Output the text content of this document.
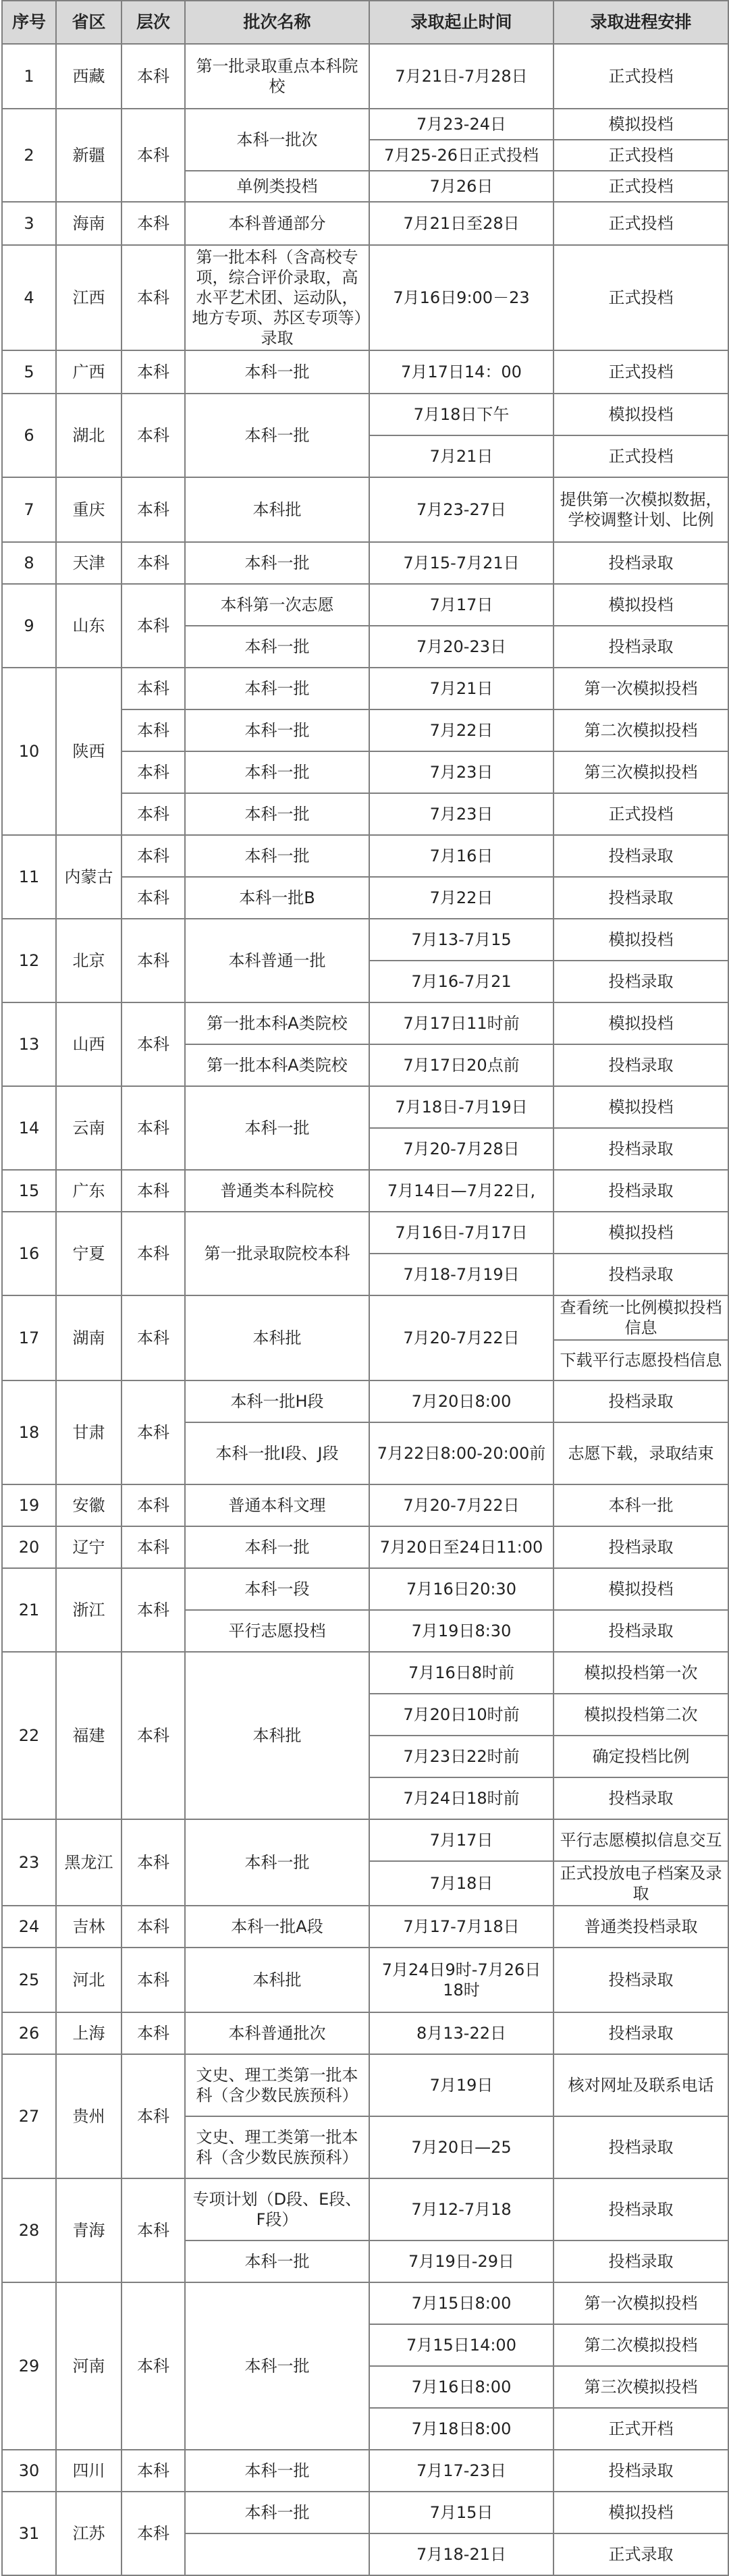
序号	省区	层次	批次名称	录取起止时间	录取进程安排
1	西藏	本科	第一批录取重点本科院校	7月21日-7月28日	正式投档
2	新疆	本科	本科一批次	7月23-24日	模拟投档
				7月25-26日正式投档	正式投档
			单例类投档	7月26日	正式投档
3	海南	本科	本科普通部分	7月21日至28日	正式投档
4	江西	本科	第一批本科（含高校专项，综合评价录取，高水平艺术团、运动队，地方专项、苏区专项等）录取	7月16日9:00－23	正式投档
5	广西	本科	本科一批	7月17日14：00	正式投档
6	湖北	本科	本科一批	7月18日下午	模拟投档
				7月21日	正式投档
7	重庆	本科	本科批	7月23-27日	提供第一次模拟数据，学校调整计划、比例
8	天津	本科	本科一批	7月15-7月21日	投档录取
9	山东	本科	本科第一次志愿	7月17日	模拟投档
			本科一批	7月20-23日	投档录取
10	陕西	本科	本科一批	7月21日	第一次模拟投档
		本科	本科一批	7月22日	第二次模拟投档
		本科	本科一批	7月23日	第三次模拟投档
		本科	本科一批	7月23日	正式投档
11	内蒙古	本科	本科一批	7月16日	投档录取
		本科	本科一批B	7月22日	投档录取
12	北京	本科	本科普通一批	7月13-7月15	模拟投档
				7月16-7月21	投档录取
13	山西	本科	第一批本科A类院校	7月17日11时前	模拟投档
			第一批本科A类院校	7月17日20点前	投档录取
14	云南	本科	本科一批	7月18日-7月19日	模拟投档
				7月20-7月28日	投档录取
15	广东	本科	普通类本科院校	7月14日—7月22日,	投档录取
16	宁夏	本科	第一批录取院校本科	7月16日-7月17日	模拟投档
				7月18-7月19日	投档录取
17	湖南	本科	本科批	7月20-7月22日	查看统一比例模拟投档信息
					下载平行志愿投档信息
18	甘肃	本科	本科一批H段	7月20日8:00	投档录取
			本科一批I段、J段	7月22日8:00-20:00前	志愿下载，录取结束
19	安徽	本科	普通本科文理	7月20-7月22日	本科一批
20	辽宁	本科	本科一批	7月20日至24日11:00	投档录取
21	浙江	本科	本科一段	7月16日20:30	模拟投档
			平行志愿投档	7月19日8:30	投档录取
22	福建	本科	本科批	7月16日8时前	模拟投档第一次
				7月20日10时前	模拟投档第二次
				7月23日22时前	确定投档比例
				7月24日18时前	投档录取
23	黑龙江	本科	本科一批	7月17日	平行志愿模拟信息交互
				7月18日	正式投放电子档案及录取
24	吉林	本科	本科一批A段	7月17-7月18日	普通类投档录取
25	河北	本科	本科批	7月24日9时-7月26日18时	投档录取
26	上海	本科	本科普通批次	8月13-22日	投档录取
27	贵州	本科	文史、理工类第一批本科（含少数民族预科）	7月19日	核对网址及联系电话
			文史、理工类第一批本科（含少数民族预科）	7月20日—25	投档录取
28	青海	本科	专项计划（D段、E段、F段）	7月12-7月18	投档录取
			本科一批	7月19日-29日	投档录取
29	河南	本科	本科一批	7月15日8:00	第一次模拟投档
				7月15日14:00	第二次模拟投档
				7月16日8:00	第三次模拟投档
				7月18日8:00	正式开档
30	四川	本科	本科一批	7月17-23日	投档录取
31	江苏	本科	本科一批	7月15日	模拟投档
				7月18-21日	正式录取
